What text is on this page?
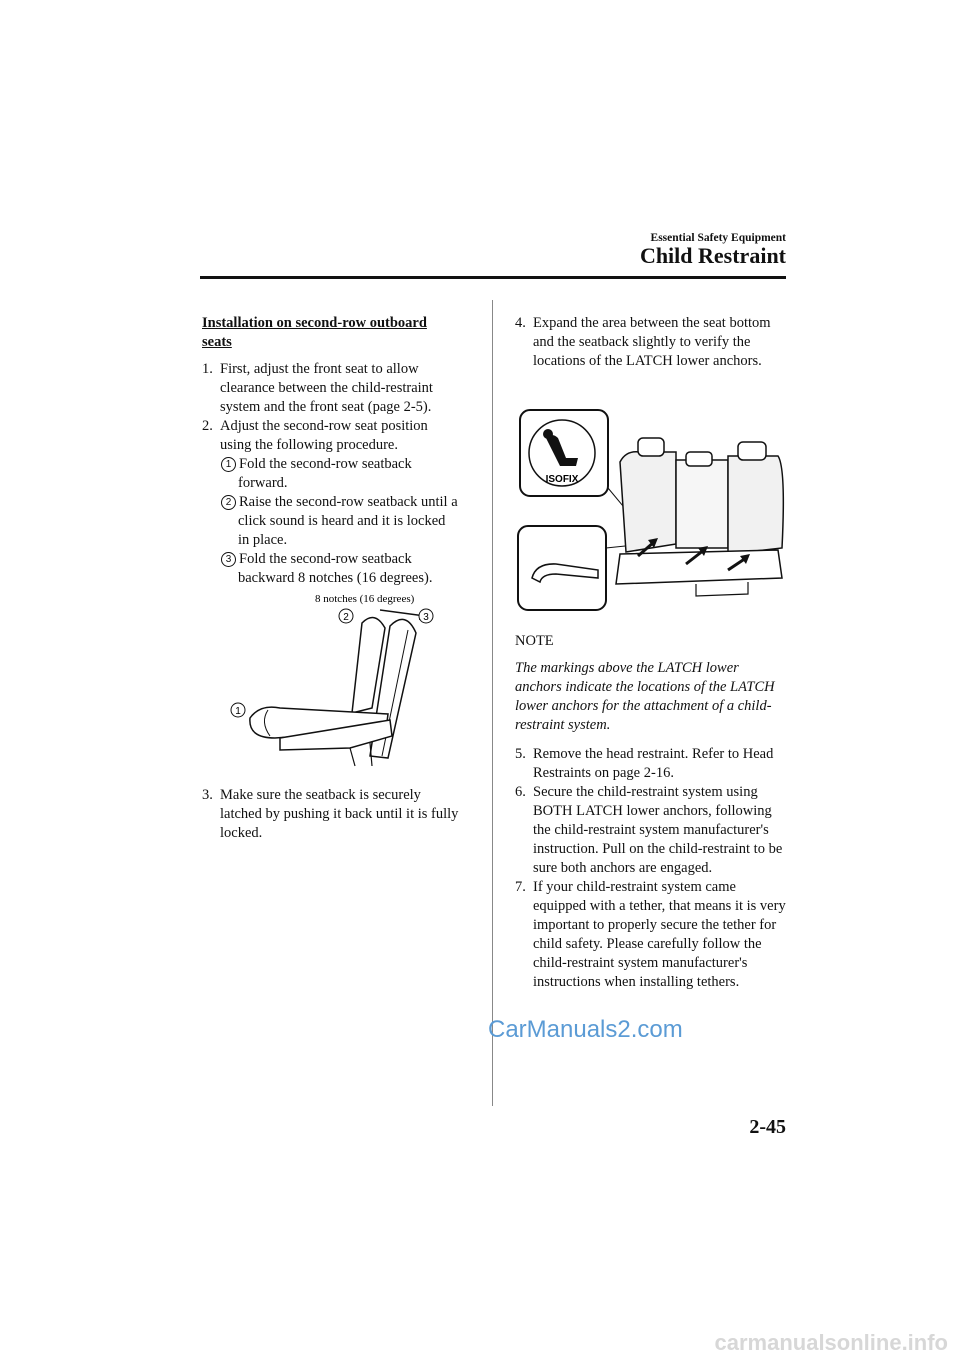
Essential Safety Equipment
Child Restraint

Installation on second-row outboard
seats

1. First, adjust the front seat to allow clearance between the child-restraint system and the front seat (page 2-5).

2. Adjust the second-row seat position using the following procedure.

1 Fold the second-row seatback forward.

2 Raise the second-row seatback until a click sound is heard and it is locked in place.

3 Fold the second-row seatback backward 8 notches (16 degrees).

8 notches (16 degrees)
2	3
1

3. Make sure the seatback is securely latched by pushing it back until it is fully locked.

4. Expand the area between the seat bottom and the seatback slightly to verify the locations of the LATCH lower anchors.

ISOFIX

NOTE

The markings above the LATCH lower anchors indicate the locations of the LATCH lower anchors for the attachment of a child-restraint system.

5. Remove the head restraint. Refer to Head Restraints on page 2-16.

6. Secure the child-restraint system using BOTH LATCH lower anchors, following the child-restraint system manufacturer's instruction. Pull on the child-restraint to be sure both anchors are engaged.

7. If your child-restraint system came equipped with a tether, that means it is very important to properly secure the tether for child safety. Please carefully follow the child-restraint system manufacturer's instructions when installing tethers.

CarManuals2.com
2-45
carmanualsonline.info
